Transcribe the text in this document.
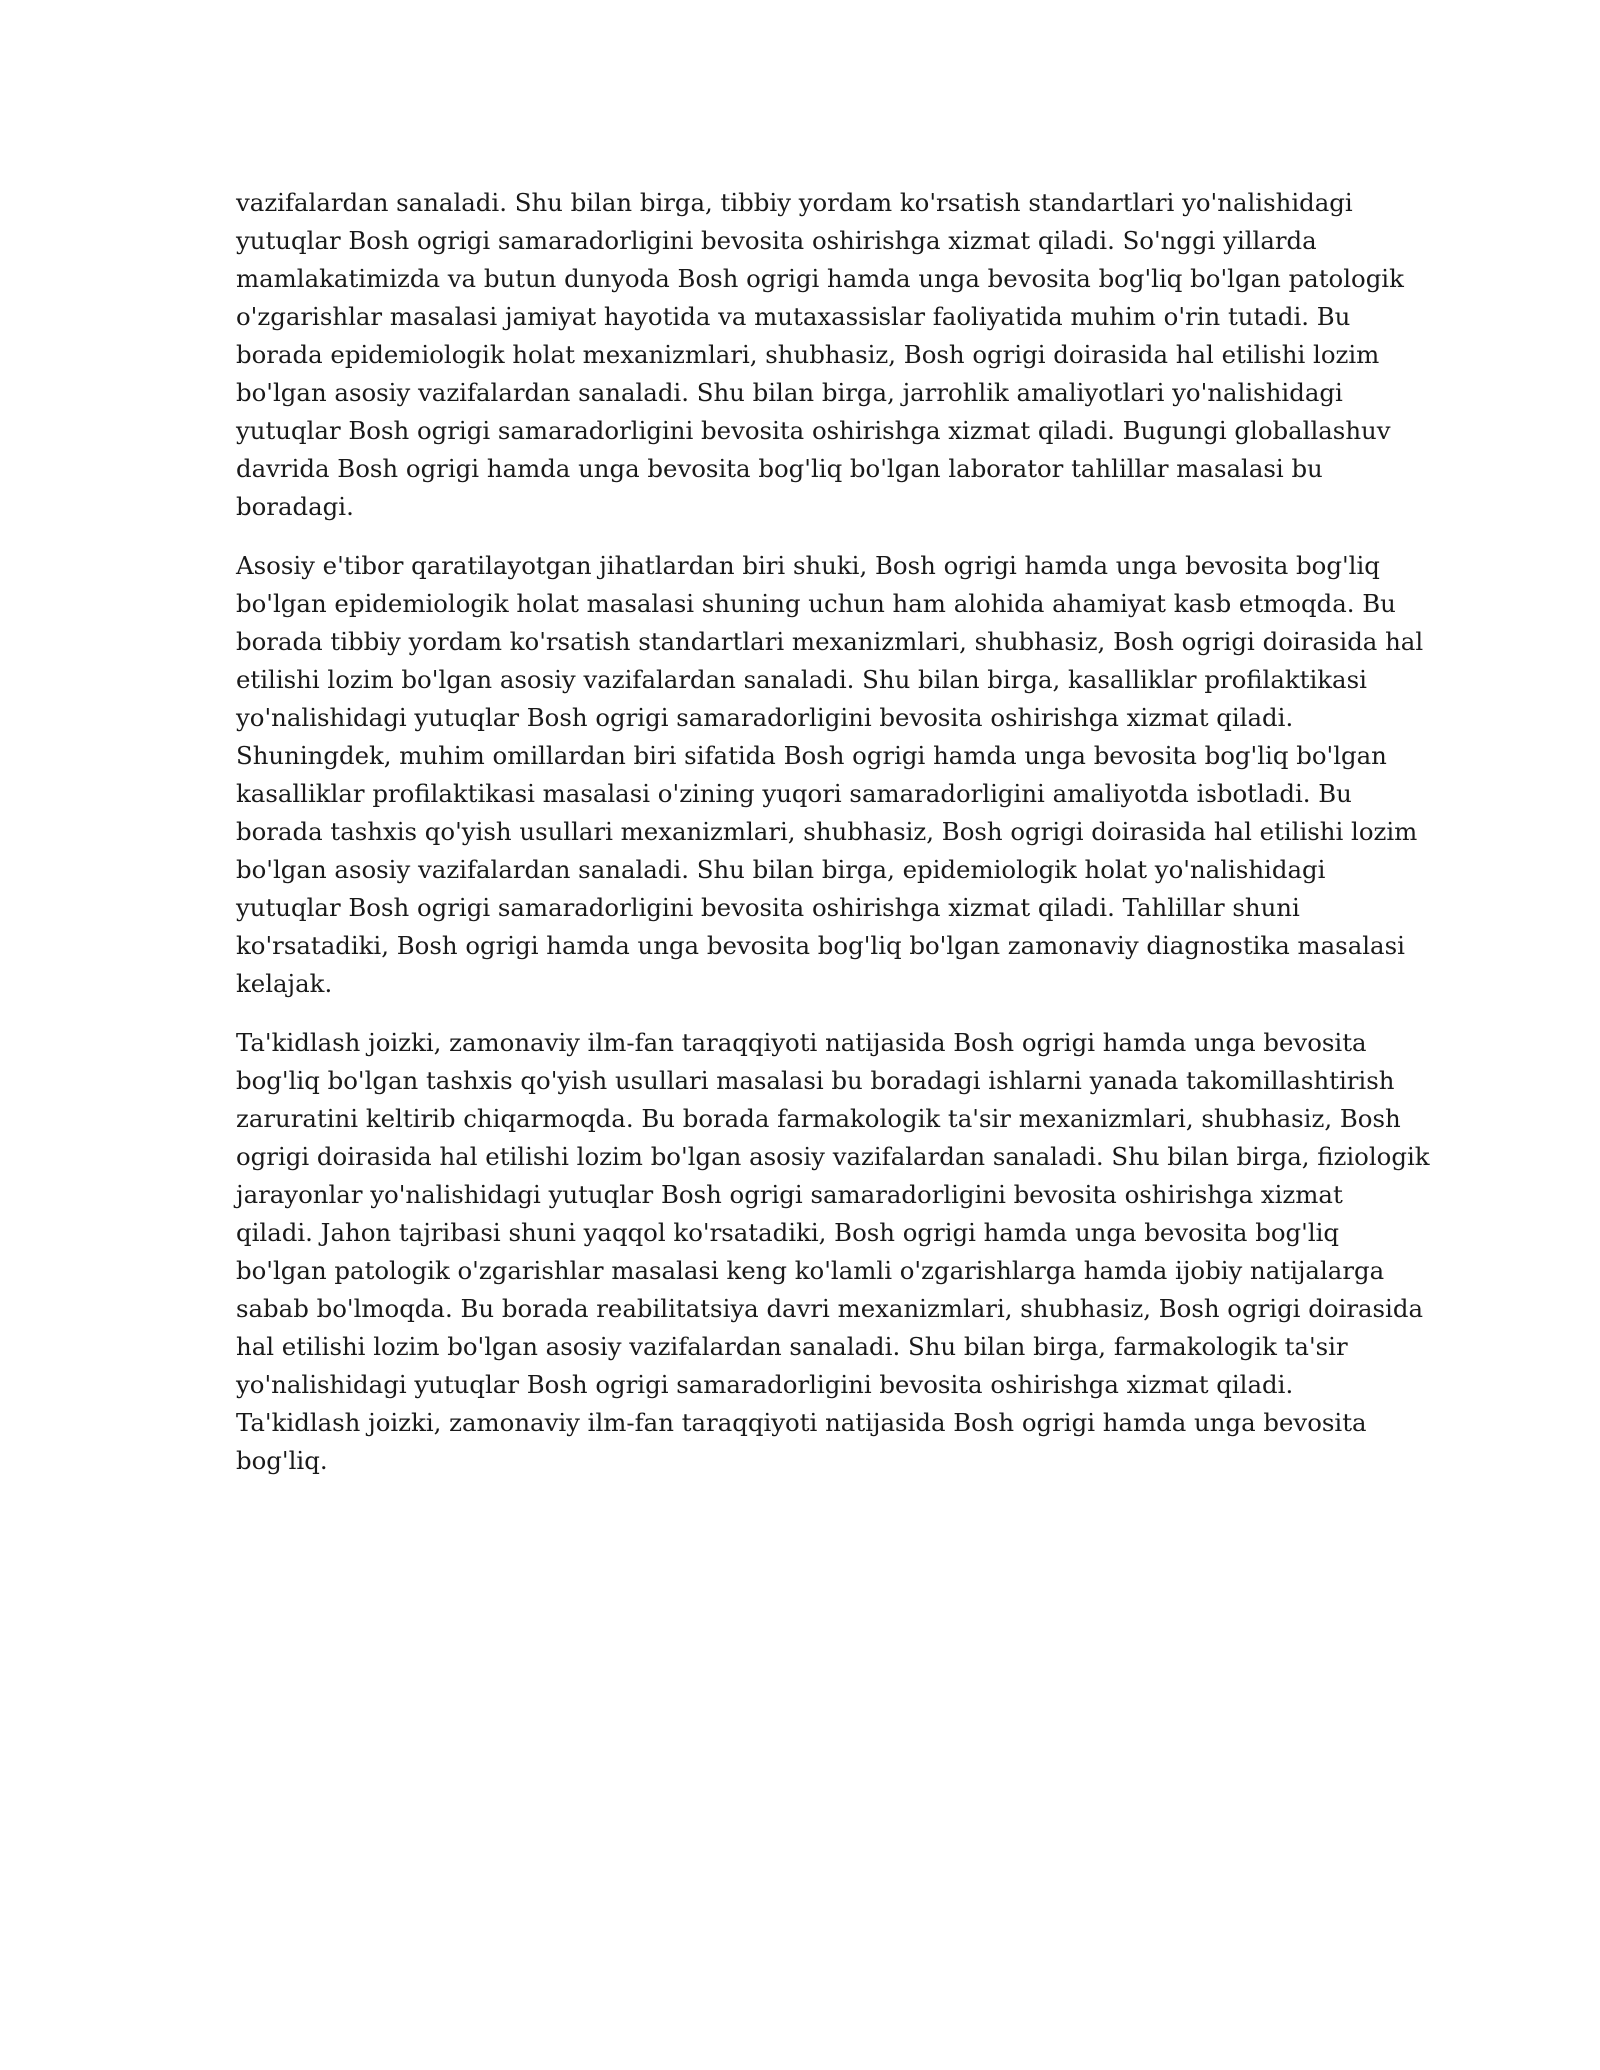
vazifalardan sanaladi. Shu bilan birga, tibbiy yordam ko'rsatish standartlari yo'nalishidagi
yutuqlar Bosh ogrigi samaradorligini bevosita oshirishga xizmat qiladi. So'nggi yillarda
mamlakatimizda va butun dunyoda Bosh ogrigi hamda unga bevosita bog'liq bo'lgan patologik
o'zgarishlar masalasi jamiyat hayotida va mutaxassislar faoliyatida muhim o'rin tutadi. Bu
borada epidemiologik holat mexanizmlari, shubhasiz, Bosh ogrigi doirasida hal etilishi lozim
bo'lgan asosiy vazifalardan sanaladi. Shu bilan birga, jarrohlik amaliyotlari yo'nalishidagi
yutuqlar Bosh ogrigi samaradorligini bevosita oshirishga xizmat qiladi. Bugungi globallashuv
davrida Bosh ogrigi hamda unga bevosita bog'liq bo'lgan laborator tahlillar masalasi bu
boradagi.

Asosiy e'tibor qaratilayotgan jihatlardan biri shuki, Bosh ogrigi hamda unga bevosita bog'liq
bo'lgan epidemiologik holat masalasi shuning uchun ham alohida ahamiyat kasb etmoqda. Bu
borada tibbiy yordam ko'rsatish standartlari mexanizmlari, shubhasiz, Bosh ogrigi doirasida hal
etilishi lozim bo'lgan asosiy vazifalardan sanaladi. Shu bilan birga, kasalliklar profilaktikasi
yo'nalishidagi yutuqlar Bosh ogrigi samaradorligini bevosita oshirishga xizmat qiladi.
Shuningdek, muhim omillardan biri sifatida Bosh ogrigi hamda unga bevosita bog'liq bo'lgan
kasalliklar profilaktikasi masalasi o'zining yuqori samaradorligini amaliyotda isbotladi. Bu
borada tashxis qo'yish usullari mexanizmlari, shubhasiz, Bosh ogrigi doirasida hal etilishi lozim
bo'lgan asosiy vazifalardan sanaladi. Shu bilan birga, epidemiologik holat yo'nalishidagi
yutuqlar Bosh ogrigi samaradorligini bevosita oshirishga xizmat qiladi. Tahlillar shuni
ko'rsatadiki, Bosh ogrigi hamda unga bevosita bog'liq bo'lgan zamonaviy diagnostika masalasi
kelajak.

Ta'kidlash joizki, zamonaviy ilm-fan taraqqiyoti natijasida Bosh ogrigi hamda unga bevosita
bog'liq bo'lgan tashxis qo'yish usullari masalasi bu boradagi ishlarni yanada takomillashtirish
zaruratini keltirib chiqarmoqda. Bu borada farmakologik ta'sir mexanizmlari, shubhasiz, Bosh
ogrigi doirasida hal etilishi lozim bo'lgan asosiy vazifalardan sanaladi. Shu bilan birga, fiziologik
jarayonlar yo'nalishidagi yutuqlar Bosh ogrigi samaradorligini bevosita oshirishga xizmat
qiladi. Jahon tajribasi shuni yaqqol ko'rsatadiki, Bosh ogrigi hamda unga bevosita bog'liq
bo'lgan patologik o'zgarishlar masalasi keng ko'lamli o'zgarishlarga hamda ijobiy natijalarga
sabab bo'lmoqda. Bu borada reabilitatsiya davri mexanizmlari, shubhasiz, Bosh ogrigi doirasida
hal etilishi lozim bo'lgan asosiy vazifalardan sanaladi. Shu bilan birga, farmakologik ta'sir
yo'nalishidagi yutuqlar Bosh ogrigi samaradorligini bevosita oshirishga xizmat qiladi.
Ta'kidlash joizki, zamonaviy ilm-fan taraqqiyoti natijasida Bosh ogrigi hamda unga bevosita
bog'liq.
